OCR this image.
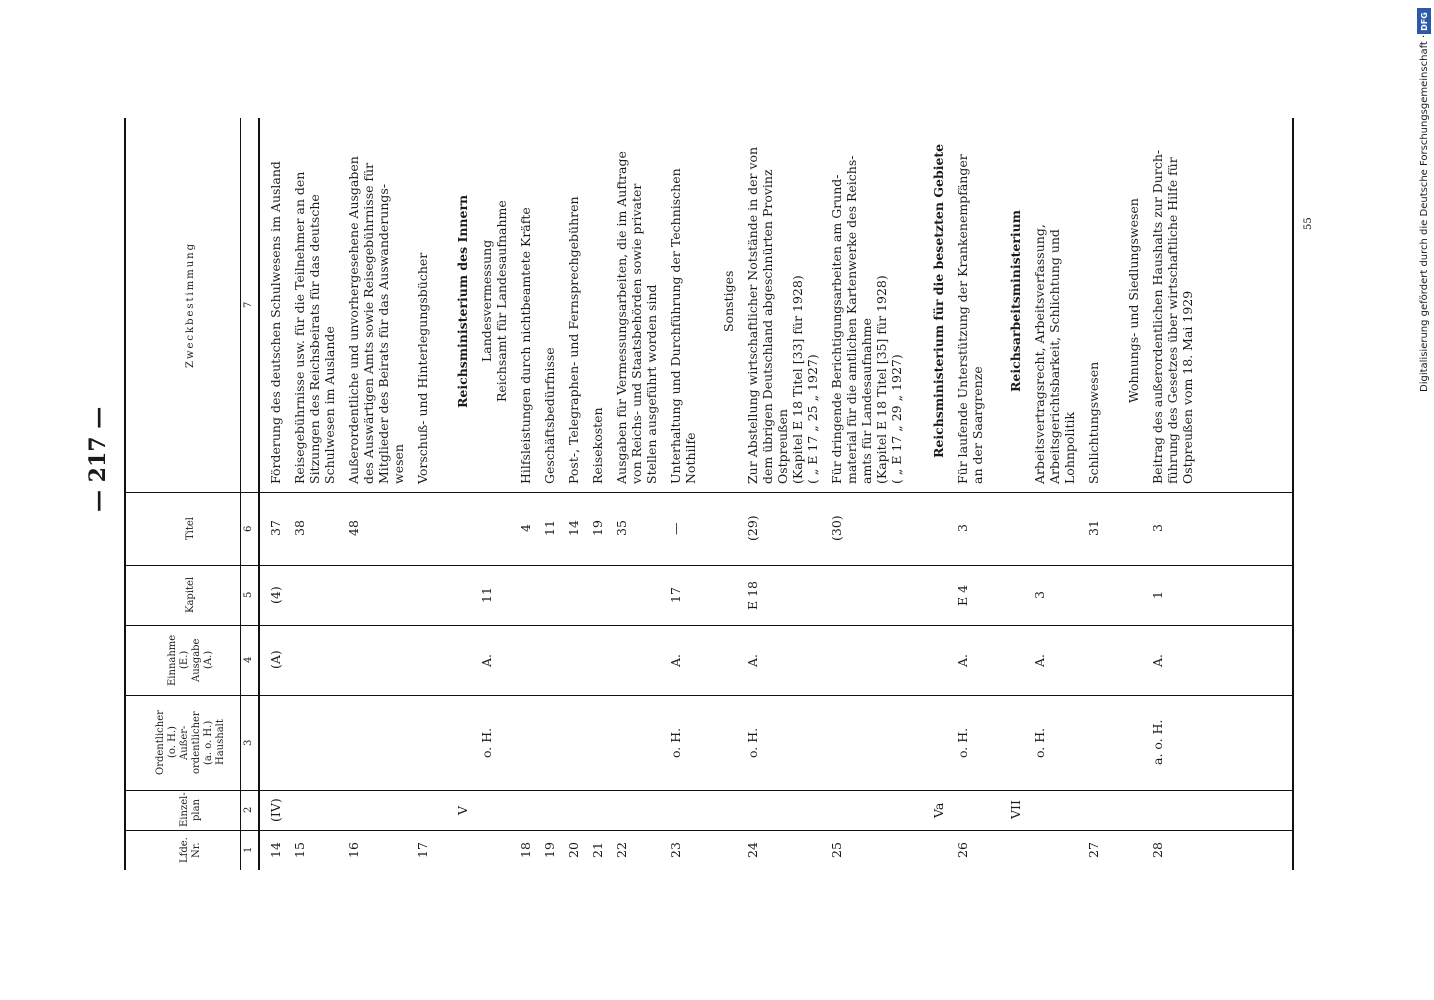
— 217 —
55	Digitalisierung gefördert durch die Deutsche Forschungsgemeinschaft ·
DFG
Lfde. Nr.
Einzel- plan
Ordentlicher (o. H.) Außer- ordentlicher (a. o. H.) Haushalt
Einnahme (E.) Ausgabe (A.)
Kapitel
Titel
Zweckbestimmung
1
2
3
4
5
6
7
14
(IV)
(A)
(4)
37
Förderung des deutschen Schulwesens im Ausland
15
38
Reisegebührnisse usw. für die Teilnehmer an den Sitzungen des Reichsbeirats für das deutsche Schulwesen im Auslande
16
48
Außerordentliche und unvorhergesehene Ausgaben des Auswärtigen Amts sowie Reisegebührnisse für Mitglieder des Beirats für das Auswanderungs- wesen
17
Vorschuß- und Hinterlegungsbücher
V
Reichsministerium des Innern
o. H.
A.
11
Landesvermessung Reichsamt für Landesaufnahme
18
4
Hilfsleistungen durch nichtbeamtete Kräfte
19
11
Geschäftsbedürfnisse
20
14
Post-, Telegraphen- und Fernsprechgebühren
21
19
Reisekosten
22
35
Ausgaben für Vermessungsarbeiten, die im Auftrage von Reichs- und Staatsbehörden sowie privater Stellen ausgeführt worden sind
23
o. H.
A.
17
—
Unterhaltung und Durchführung der Technischen Nothilfe
Sonstiges
24
o. H.
A.
E 18
(29)
Zur Abstellung wirtschaftlicher Notstände in der von dem übrigen Deutschland abgeschnürten Provinz Ostpreußen (Kapitel E 18 Titel [33] für 1928) ( „ E 17 „ 25 „ 1927)
25
(30)
Für dringende Berichtigungsarbeiten am Grund- material für die amtlichen Kartenwerke des Reichs- amts für Landesaufnahme (Kapitel E 18 Titel [35] für 1928) ( „ E 17 „ 29 „ 1927)
Va
Reichsministerium für die besetzten Gebiete
26
o. H.
A.
E 4
3
Für laufende Unterstützung der Krankenempfänger an der Saargrenze
VII
Reichsarbeitsministerium
o. H.
A.
3
Arbeitsvertragsrecht, Arbeitsverfassung, Arbeitsgerichtsbarkeit, Schlichtung und Lohnpolitik
27
31
Schlichtungswesen
Wohnungs- und Siedlungswesen
28
a. o. H.
A.
1
3
Beitrag des außerordentlichen Haushalts zur Durch- führung des Gesetzes über wirtschaftliche Hilfe für Ostpreußen vom 18. Mai 1929
